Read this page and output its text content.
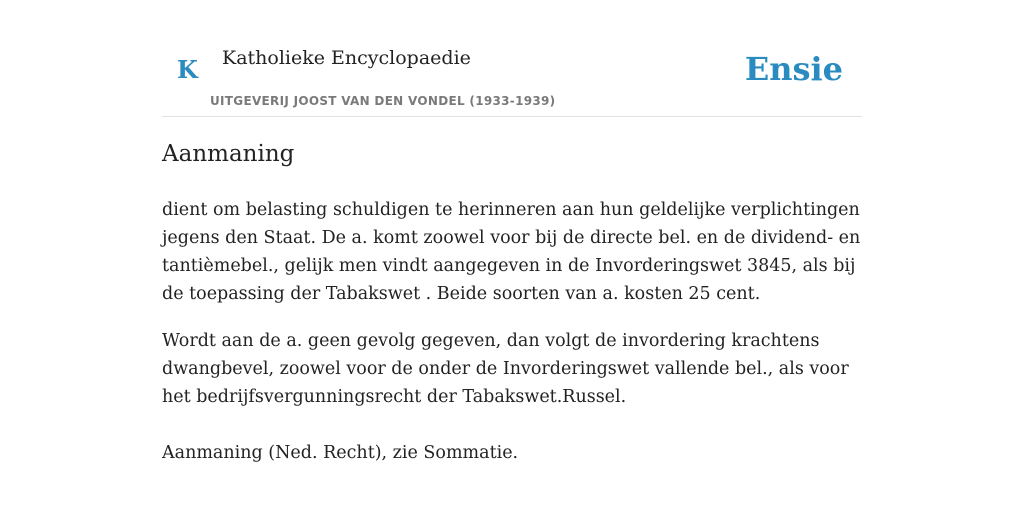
K Katholieke Encyclopaedie
UITGEVERIJ JOOST VAN DEN VONDEL (1933-1939)
Ensie
Aanmaning

dient om belasting schuldigen te herinneren aan hun geldelijke verplichtingen jegens den Staat. De a. komt zoowel voor bij de directe bel. en de dividend- en tantièmebel., gelijk men vindt aangegeven in de Invorderingswet 3845, als bij de toepassing der Tabakswet . Beide soorten van a. kosten 25 cent.

Wordt aan de a. geen gevolg gegeven, dan volgt de invordering krachtens dwangbevel, zoowel voor de onder de Invorderingswet vallende bel., als voor het bedrijfsvergunningsrecht der Tabakswet.Russel.

Aanmaning (Ned. Recht), zie Sommatie.
